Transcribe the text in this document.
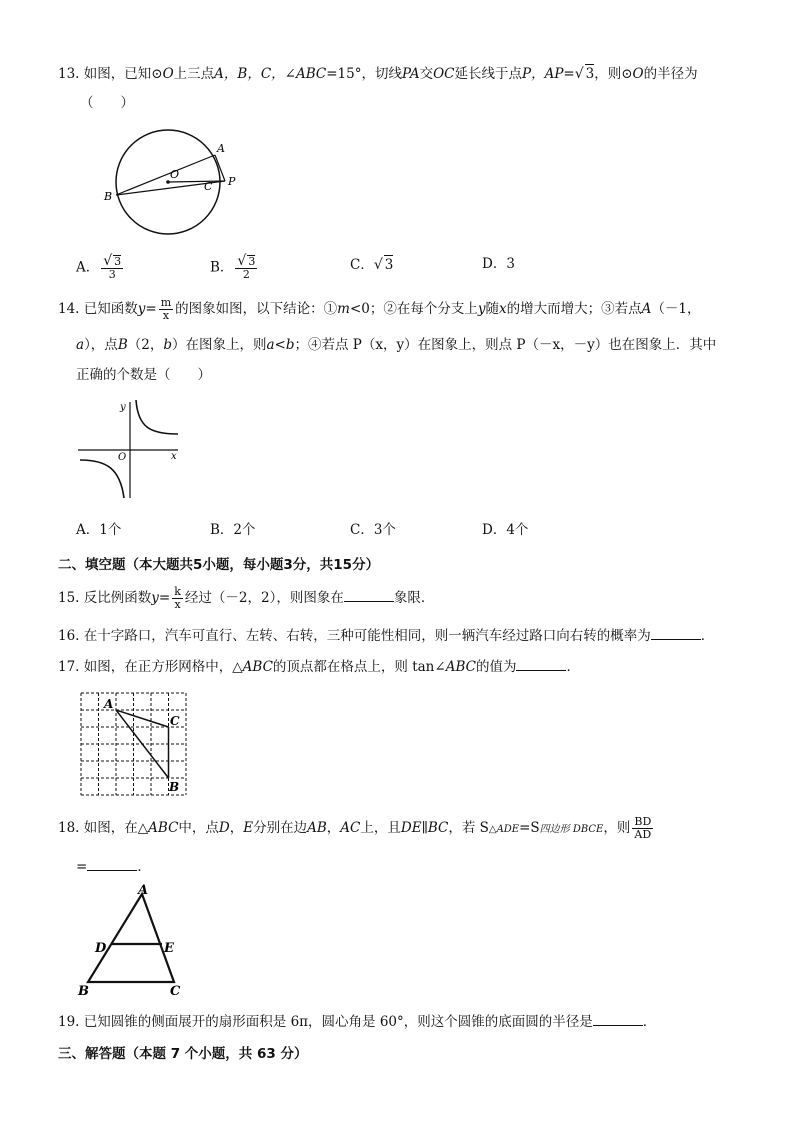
13. 如图，已知⊙O上三点A，B，C，∠ABC=15°，切线PA交OC延长线于点P，AP=√ 3，则⊙O的半径为
（　　）
A
O
C P
B
A． $\frac{√ 3}{3}$	B． $\frac{√ 3}{2}$	C．√ 3	D．3
14. 已知函数$y= \frac{m}{x}$ 的图象如图，以下结论：①m<0；②在每个分支上y随x的增大而增大；③若点A（－1，
a），点B（2，b）在图象上，则a<b；④若点 P（x，y）在图象上，则点 P（－x，－y）也在图象上．其中
正确的个数是（　　）
y
O	x
A．1个	B．2个	C．3个	D．4个
二、填空题（本大题共5小题，每小题3分，共15分）
15. 反比例函数$y= \frac{k}{x}$ 经过（－2，2），则图象在	象限．
16. 在十字路口，汽车可直行、左转、右转，三种可能性相同，则一辆汽车经过路口向右转的概率为	．
17. 如图，在正方形网格中，△ABC的顶点都在格点上，则 tan∠ABC的值为	．
A
C
B
18. 如图，在△ABC中，点D，E分别在边AB，AC上，且DE∥BC，若 S△ADE=S四边形 DBCE，则 $\frac{BD}{AD}$
=	．
A
D	E
B	C
19. 已知圆锥的侧面展开的扇形面积是 6π，圆心角是 60°，则这个圆锥的底面圆的半径是	．
三、解答题（本题 7 个小题，共 63 分）
